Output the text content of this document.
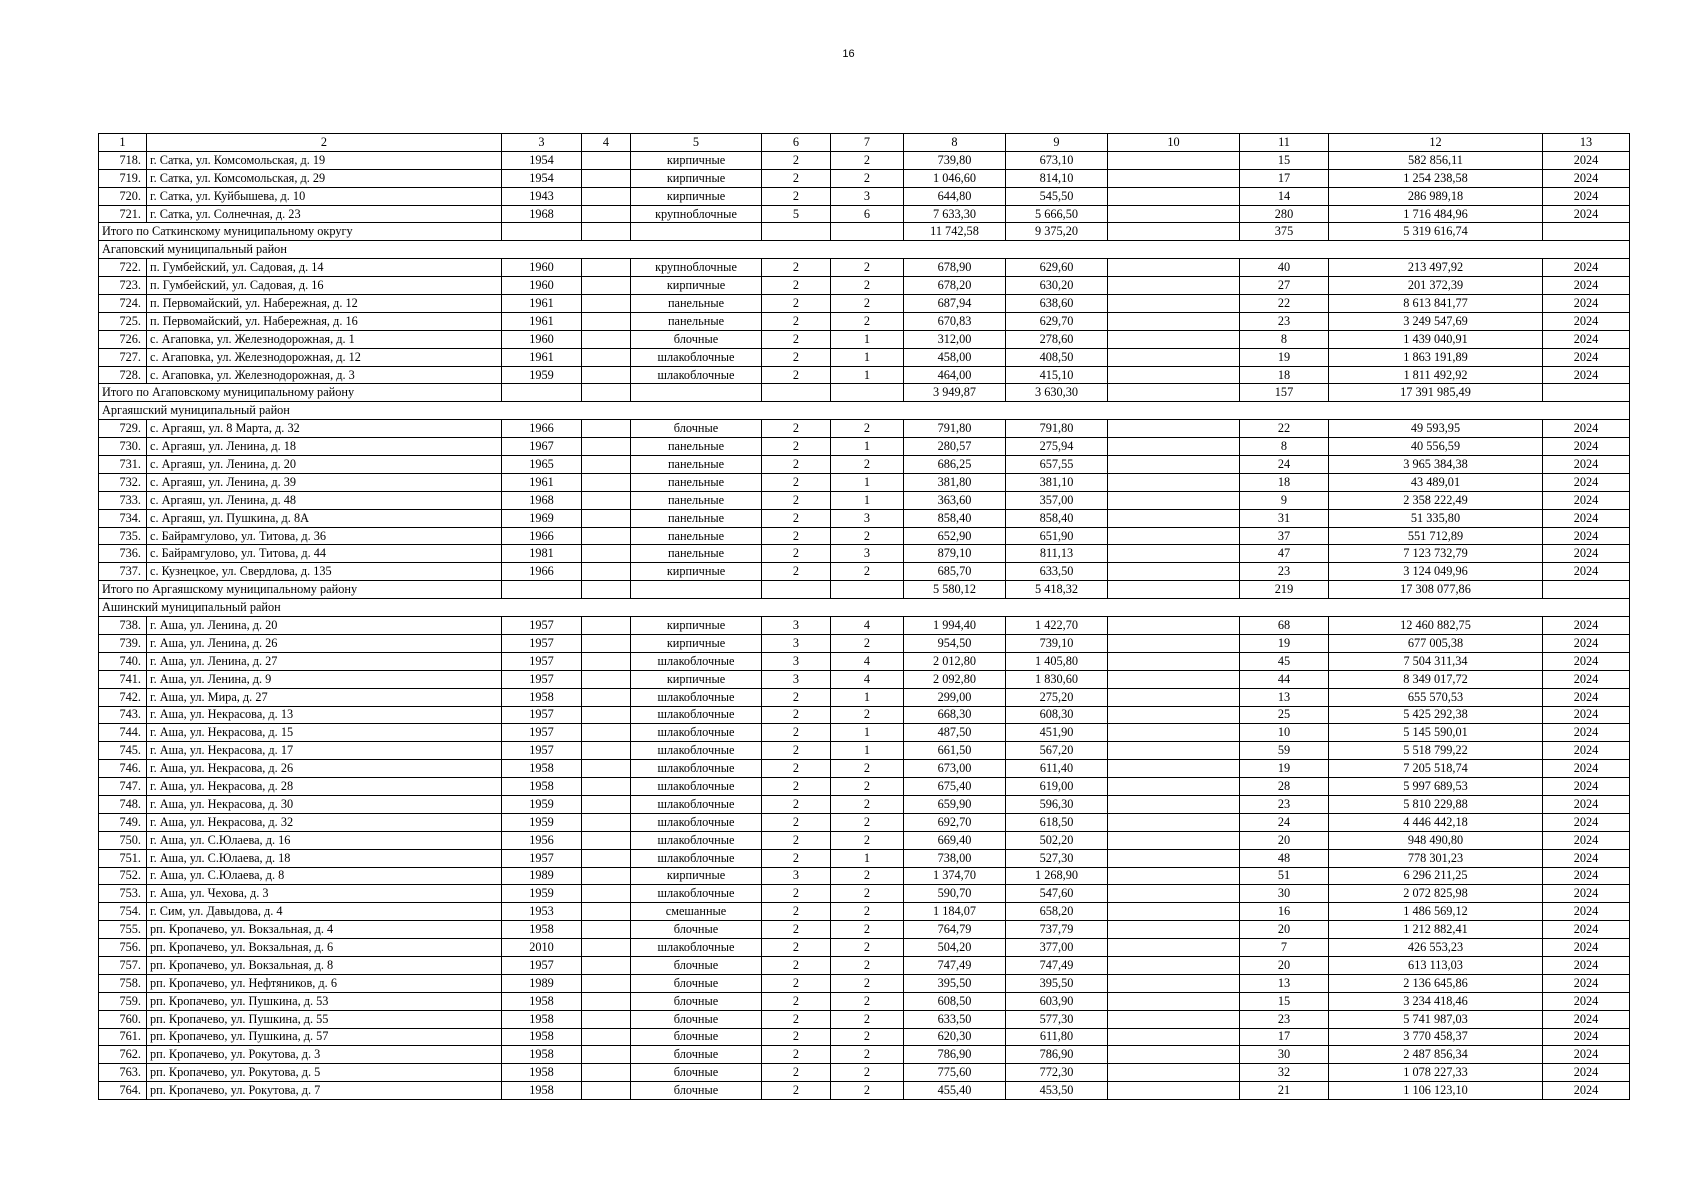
16
1	2	3	4	5	6	7	8	9	10	11	12	13
718.	г. Сатка, ул. Комсомольская, д. 19	1954		кирпичные	2	2	739,80	673,10		15	582 856,11	2024
719.	г. Сатка, ул. Комсомольская, д. 29	1954		кирпичные	2	2	1 046,60	814,10		17	1 254 238,58	2024
720.	г. Сатка, ул. Куйбышева, д. 10	1943		кирпичные	2	3	644,80	545,50		14	286 989,18	2024
721.	г. Сатка, ул. Солнечная, д. 23	1968		крупноблочные	5	6	7 633,30	5 666,50		280	1 716 484,96	2024
Итого по Саткинскому муниципальному округу							11 742,58	9 375,20		375	5 319 616,74	
Агаповский муниципальный район												
722.	п. Гумбейский, ул. Садовая, д. 14	1960		крупноблочные	2	2	678,90	629,60		40	213 497,92	2024
723.	п. Гумбейский, ул. Садовая, д. 16	1960		кирпичные	2	2	678,20	630,20		27	201 372,39	2024
724.	п. Первомайский, ул. Набережная, д. 12	1961		панельные	2	2	687,94	638,60		22	8 613 841,77	2024
725.	п. Первомайский, ул. Набережная, д. 16	1961		панельные	2	2	670,83	629,70		23	3 249 547,69	2024
726.	с. Агаповка, ул. Железнодорожная, д. 1	1960		блочные	2	1	312,00	278,60		8	1 439 040,91	2024
727.	с. Агаповка, ул. Железнодорожная, д. 12	1961		шлакоблочные	2	1	458,00	408,50		19	1 863 191,89	2024
728.	с. Агаповка, ул. Железнодорожная, д. 3	1959		шлакоблочные	2	1	464,00	415,10		18	1 811 492,92	2024
Итого по Агаповскому муниципальному району							3 949,87	3 630,30		157	17 391 985,49	
Аргаяшский муниципальный район												
729.	с. Аргаяш, ул. 8 Марта, д. 32	1966		блочные	2	2	791,80	791,80		22	49 593,95	2024
730.	с. Аргаяш, ул. Ленина, д. 18	1967		панельные	2	1	280,57	275,94		8	40 556,59	2024
731.	с. Аргаяш, ул. Ленина, д. 20	1965		панельные	2	2	686,25	657,55		24	3 965 384,38	2024
732.	с. Аргаяш, ул. Ленина, д. 39	1961		панельные	2	1	381,80	381,10		18	43 489,01	2024
733.	с. Аргаяш, ул. Ленина, д. 48	1968		панельные	2	1	363,60	357,00		9	2 358 222,49	2024
734.	с. Аргаяш, ул. Пушкина, д. 8А	1969		панельные	2	3	858,40	858,40		31	51 335,80	2024
735.	с. Байрамгулово, ул. Титова, д. 36	1966		панельные	2	2	652,90	651,90		37	551 712,89	2024
736.	с. Байрамгулово, ул. Титова, д. 44	1981		панельные	2	3	879,10	811,13		47	7 123 732,79	2024
737.	с. Кузнецкое, ул. Свердлова, д. 135	1966		кирпичные	2	2	685,70	633,50		23	3 124 049,96	2024
Итого по Аргаяшскому муниципальному району							5 580,12	5 418,32		219	17 308 077,86	
Ашинский муниципальный район												
738.	г. Аша, ул. Ленина, д. 20	1957		кирпичные	3	4	1 994,40	1 422,70		68	12 460 882,75	2024
739.	г. Аша, ул. Ленина, д. 26	1957		кирпичные	3	2	954,50	739,10		19	677 005,38	2024
740.	г. Аша, ул. Ленина, д. 27	1957		шлакоблочные	3	4	2 012,80	1 405,80		45	7 504 311,34	2024
741.	г. Аша, ул. Ленина, д. 9	1957		кирпичные	3	4	2 092,80	1 830,60		44	8 349 017,72	2024
742.	г. Аша, ул. Мира, д. 27	1958		шлакоблочные	2	1	299,00	275,20		13	655 570,53	2024
743.	г. Аша, ул. Некрасова, д. 13	1957		шлакоблочные	2	2	668,30	608,30		25	5 425 292,38	2024
744.	г. Аша, ул. Некрасова, д. 15	1957		шлакоблочные	2	1	487,50	451,90		10	5 145 590,01	2024
745.	г. Аша, ул. Некрасова, д. 17	1957		шлакоблочные	2	1	661,50	567,20		59	5 518 799,22	2024
746.	г. Аша, ул. Некрасова, д. 26	1958		шлакоблочные	2	2	673,00	611,40		19	7 205 518,74	2024
747.	г. Аша, ул. Некрасова, д. 28	1958		шлакоблочные	2	2	675,40	619,00		28	5 997 689,53	2024
748.	г. Аша, ул. Некрасова, д. 30	1959		шлакоблочные	2	2	659,90	596,30		23	5 810 229,88	2024
749.	г. Аша, ул. Некрасова, д. 32	1959		шлакоблочные	2	2	692,70	618,50		24	4 446 442,18	2024
750.	г. Аша, ул. С.Юлаева, д. 16	1956		шлакоблочные	2	2	669,40	502,20		20	948 490,80	2024
751.	г. Аша, ул. С.Юлаева, д. 18	1957		шлакоблочные	2	1	738,00	527,30		48	778 301,23	2024
752.	г. Аша, ул. С.Юлаева, д. 8	1989		кирпичные	3	2	1 374,70	1 268,90		51	6 296 211,25	2024
753.	г. Аша, ул. Чехова, д. 3	1959		шлакоблочные	2	2	590,70	547,60		30	2 072 825,98	2024
754.	г. Сим, ул. Давыдова, д. 4	1953		смешанные	2	2	1 184,07	658,20		16	1 486 569,12	2024
755.	рп. Кропачево, ул. Вокзальная, д. 4	1958		блочные	2	2	764,79	737,79		20	1 212 882,41	2024
756.	рп. Кропачево, ул. Вокзальная, д. 6	2010		шлакоблочные	2	2	504,20	377,00		7	426 553,23	2024
757.	рп. Кропачево, ул. Вокзальная, д. 8	1957		блочные	2	2	747,49	747,49		20	613 113,03	2024
758.	рп. Кропачево, ул. Нефтяников, д. 6	1989		блочные	2	2	395,50	395,50		13	2 136 645,86	2024
759.	рп. Кропачево, ул. Пушкина, д. 53	1958		блочные	2	2	608,50	603,90		15	3 234 418,46	2024
760.	рп. Кропачево, ул. Пушкина, д. 55	1958		блочные	2	2	633,50	577,30		23	5 741 987,03	2024
761.	рп. Кропачево, ул. Пушкина, д. 57	1958		блочные	2	2	620,30	611,80		17	3 770 458,37	2024
762.	рп. Кропачево, ул. Рокутова, д. 3	1958		блочные	2	2	786,90	786,90		30	2 487 856,34	2024
763.	рп. Кропачево, ул. Рокутова, д. 5	1958		блочные	2	2	775,60	772,30		32	1 078 227,33	2024
764.	рп. Кропачево, ул. Рокутова, д. 7	1958		блочные	2	2	455,40	453,50		21	1 106 123,10	2024
